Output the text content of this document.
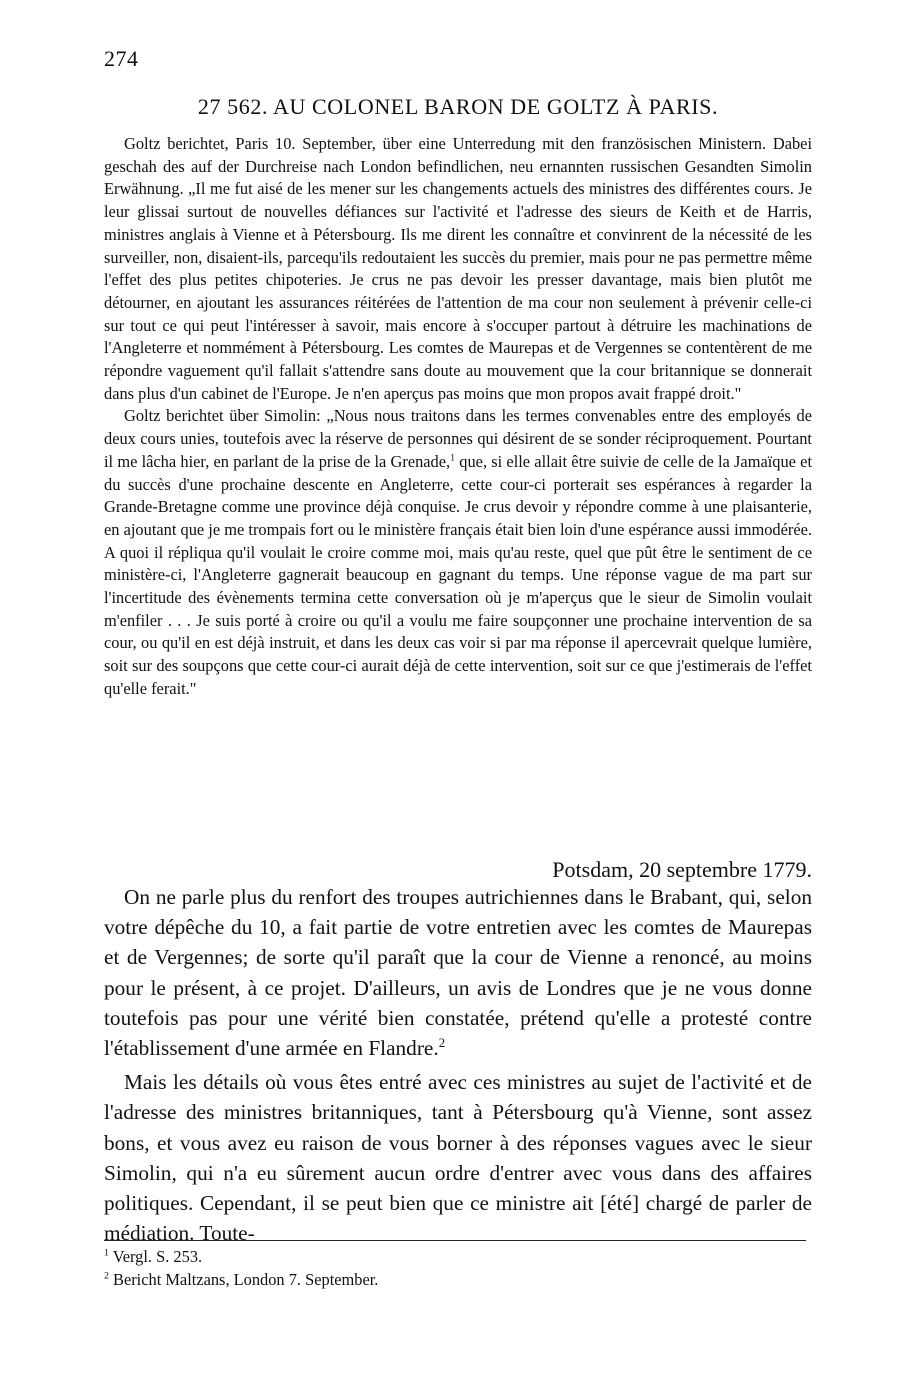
274
27 562. AU COLONEL BARON DE GOLTZ À PARIS.

Goltz berichtet, Paris 10. September, über eine Unterredung mit den französischen Ministern. Dabei geschah des auf der Durchreise nach London befindlichen, neu ernannten russischen Gesandten Simolin Erwähnung. „Il me fut aisé de les mener sur les changements actuels des ministres des différentes cours. Je leur glissai surtout de nouvelles défiances sur l'activité et l'adresse des sieurs de Keith et de Harris, ministres anglais à Vienne et à Pétersbourg. Ils me dirent les connaître et convinrent de la nécessité de les surveiller, non, disaient-ils, parcequ'ils redoutaient les succès du premier, mais pour ne pas permettre même l'effet des plus petites chipoteries. Je crus ne pas devoir les presser davantage, mais bien plutôt me détourner, en ajoutant les assurances réitérées de l'attention de ma cour non seulement à prévenir celle-ci sur tout ce qui peut l'intéresser à savoir, mais encore à s'occuper partout à détruire les machinations de l'Angleterre et nommément à Pétersbourg. Les comtes de Maurepas et de Vergennes se contentèrent de me répondre vaguement qu'il fallait s'attendre sans doute au mouvement que la cour britannique se donnerait dans plus d'un cabinet de l'Europe. Je n'en aperçus pas moins que mon propos avait frappé droit."

Goltz berichtet über Simolin: „Nous nous traitons dans les termes convenables entre des employés de deux cours unies, toutefois avec la réserve de personnes qui désirent de se sonder réciproquement. Pourtant il me lâcha hier, en parlant de la prise de la Grenade,$^1$ que, si elle allait être suivie de celle de la Jamaïque et du succès d'une prochaine descente en Angleterre, cette cour-ci porterait ses espérances à regarder la Grande-Bretagne comme une province déjà conquise. Je crus devoir y répondre comme à une plaisanterie, en ajoutant que je me trompais fort ou le ministère français était bien loin d'une espérance aussi immodérée. A quoi il répliqua qu'il voulait le croire comme moi, mais qu'au reste, quel que pût être le sentiment de ce ministère-ci, l'Angleterre gagnerait beaucoup en gagnant du temps. Une réponse vague de ma part sur l'incertitude des évènements termina cette conversation où je m'aperçus que le sieur de Simolin voulait m'enfiler . . . Je suis porté à croire ou qu'il a voulu me faire soupçonner une prochaine intervention de sa cour, ou qu'il en est déjà instruit, et dans les deux cas voir si par ma réponse il apercevrait quelque lumière, soit sur des soupçons que cette cour-ci aurait déjà de cette intervention, soit sur ce que j'estimerais de l'effet qu'elle ferait."

Potsdam, 20 septembre 1779.

On ne parle plus du renfort des troupes autrichiennes dans le Brabant, qui, selon votre dépêche du 10, a fait partie de votre entretien avec les comtes de Maurepas et de Vergennes; de sorte qu'il paraît que la cour de Vienne a renoncé, au moins pour le présent, à ce projet. D'ailleurs, un avis de Londres que je ne vous donne toutefois pas pour une vérité bien constatée, prétend qu'elle a protesté contre l'établissement d'une armée en Flandre.$^2$

Mais les détails où vous êtes entré avec ces ministres au sujet de l'activité et de l'adresse des ministres britanniques, tant à Pétersbourg qu'à Vienne, sont assez bons, et vous avez eu raison de vous borner à des réponses vagues avec le sieur Simolin, qui n'a eu sûrement aucun ordre d'entrer avec vous dans des affaires politiques. Cependant, il se peut bien que ce ministre ait [été] chargé de parler de médiation. Toute-

$^1$ Vergl. S. 253.
$^2$ Bericht Maltzans, London 7. September.
